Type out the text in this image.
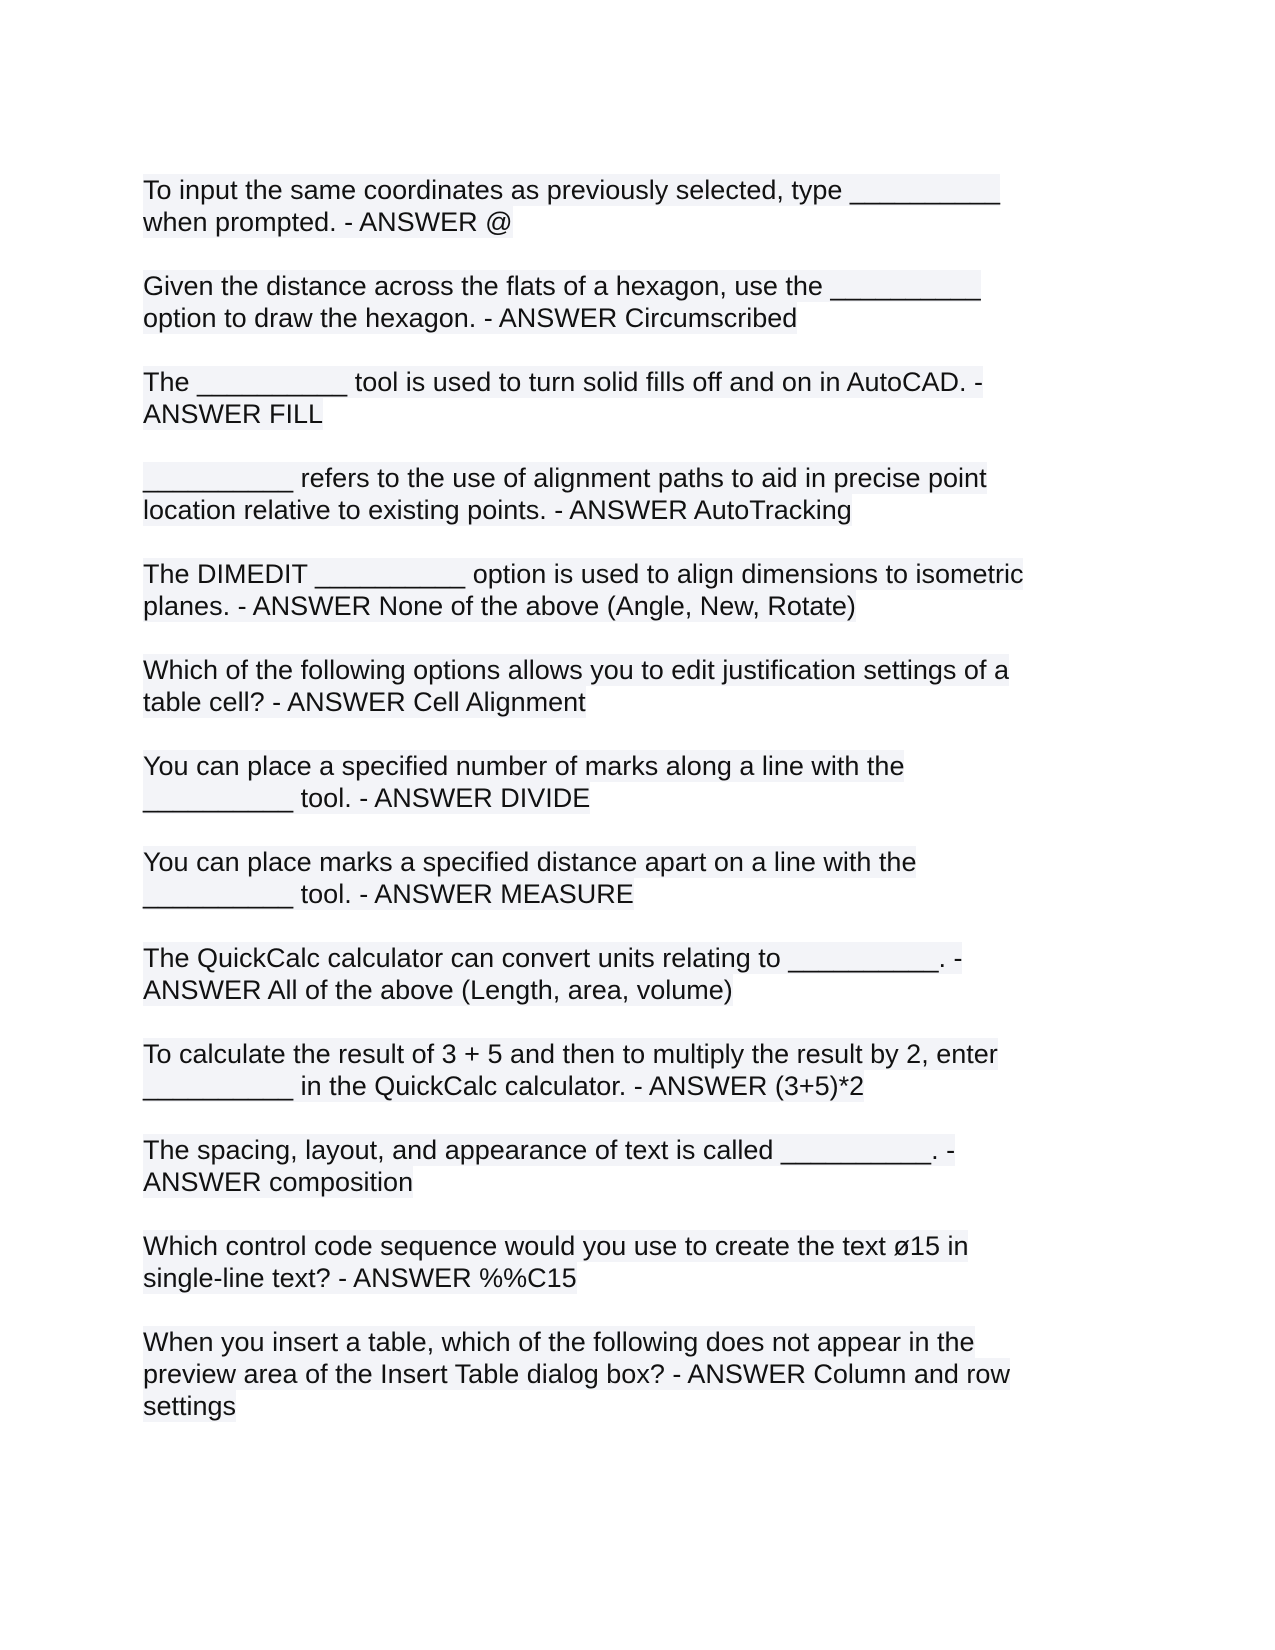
To input the same coordinates as previously selected, type __________
when prompted. - ANSWER @
Given the distance across the flats of a hexagon, use the __________
option to draw the hexagon. - ANSWER Circumscribed
The __________ tool is used to turn solid fills off and on in AutoCAD. -
ANSWER FILL
__________ refers to the use of alignment paths to aid in precise point
location relative to existing points. - ANSWER AutoTracking
The DIMEDIT __________ option is used to align dimensions to isometric
planes. - ANSWER None of the above (Angle, New, Rotate)
Which of the following options allows you to edit justification settings of a
table cell? - ANSWER Cell Alignment
You can place a specified number of marks along a line with the
__________ tool. - ANSWER DIVIDE
You can place marks a specified distance apart on a line with the
__________ tool. - ANSWER MEASURE
The QuickCalc calculator can convert units relating to __________. -
ANSWER All of the above (Length, area, volume)
To calculate the result of 3 + 5 and then to multiply the result by 2, enter
__________ in the QuickCalc calculator. - ANSWER (3+5)*2
The spacing, layout, and appearance of text is called __________. -
ANSWER composition
Which control code sequence would you use to create the text ø15 in
single-line text? - ANSWER %%C15
When you insert a table, which of the following does not appear in the
preview area of the Insert Table dialog box? - ANSWER Column and row
settings
